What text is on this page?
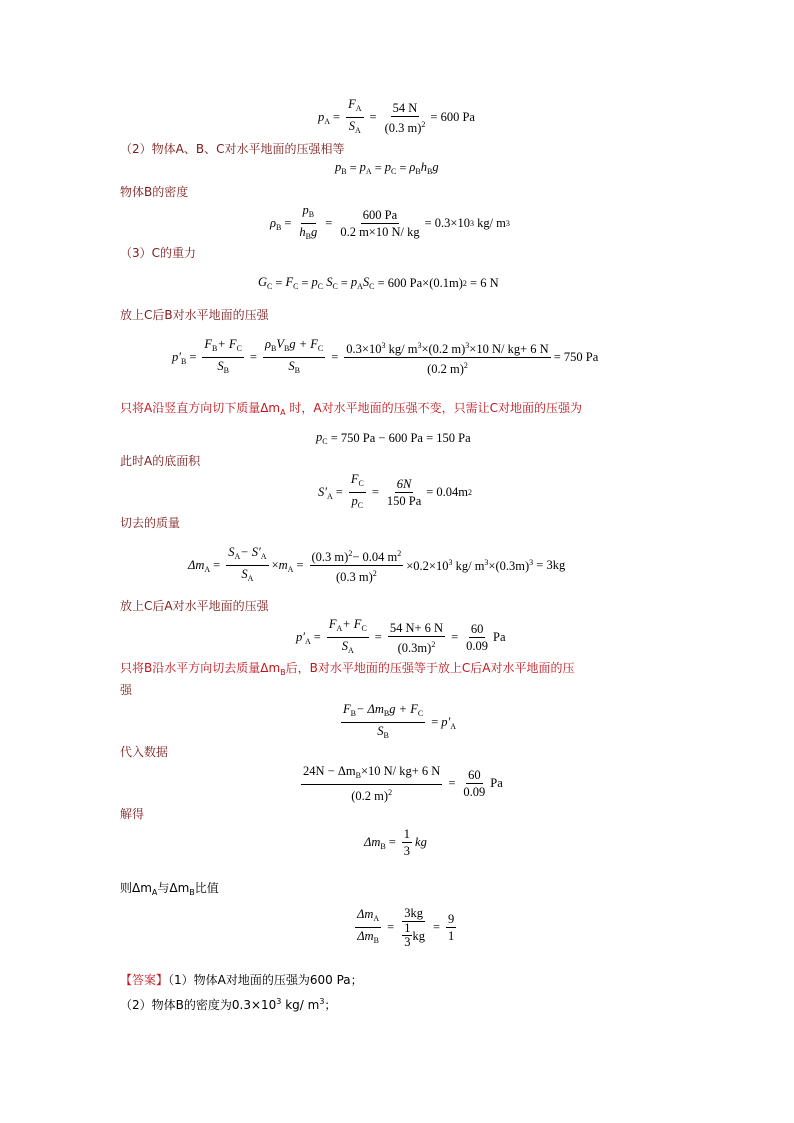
$p_A = \frac{F_A}{S_A} = \frac{54 N}{(0.3 m)^2} = 600$ Pa
（2）物体A、B、C对水平地面的压强相等
$p_B = p_A = p_C = \rho_Bh_Bg$
物体B的密度
$\rho_B = \frac{p_B}{h_Bg} = \frac{600 Pa}{0.2 m\times 10 N/ kg} = 0.3\times 10$ 3 kg/ m 3
（3）C的重力
$G_C = F_C = p_C$ $S_C = p_AS_C$
= 600 Pa×(0.1m) 2
= 6 N
放上C后B对水平地面的压强
$p'_B = \frac{F_B+ F_C}{S_B} = \frac{\rho_BV_Bg + F_C}{S_B} = \frac{0.3\times 10^3 kg/ m^3\times(0.2 m)^3\times 10 N/ kg+ 6 N}{(0.2 m)^2} = 750$ Pa
只将A沿竖直方向切下质量$\Delta m_A$ 时，A对水平地面的压强不变，只需让C对地面的压强为
$p_C$
= 750 Pa − 600 Pa = 150 Pa
此时A的底面积
$S'_A = \frac{F_C}{p_C} = \frac{6N}{150 Pa} = 0.04m$ 2
切去的质量
$\Delta m_A = \frac{S_A- S'_A}{S_A} \times m_A = \frac{(0.3 m)^2- 0.04 m^2}{(0.3 m)^2} \times 0.2\times 10^3$ kg/ $m^3\times(0.3m)^3$
= 3kg
放上C后A对水平地面的压强
$p'_A = \frac{F_A+ F_C}{S_A} = \frac{54 N+ 6 N}{(0.3m)^2} = \frac{60}{0.09}$ Pa
只将B沿水平方向切去质量$\Delta m_B$后，B对水平地面的压强等于放上C后A对水平地面的压
强
$\frac{F_B- \Delta m_Bg + F_C}{S_B} = p'_A$
代入数据
$\frac{24N - \Delta m_B\times 10 N/ kg+ 6 N}{(0.2 m)^2} = \frac{60}{0.09}$ Pa
解得
$\Delta m_B = \frac{1}{3}$ kg
则$\Delta m_A$与$\Delta m_B$比值
$\frac{\Delta m_A}{\Delta m_B} = \frac{3kg}{\frac{1}{3} kg} = \frac{9}{1}$
【答案】（1）物体A对地面的压强为600 Pa；
（2）物体B的密度为$0.3\times 10^3$ kg/ $m^3$；
